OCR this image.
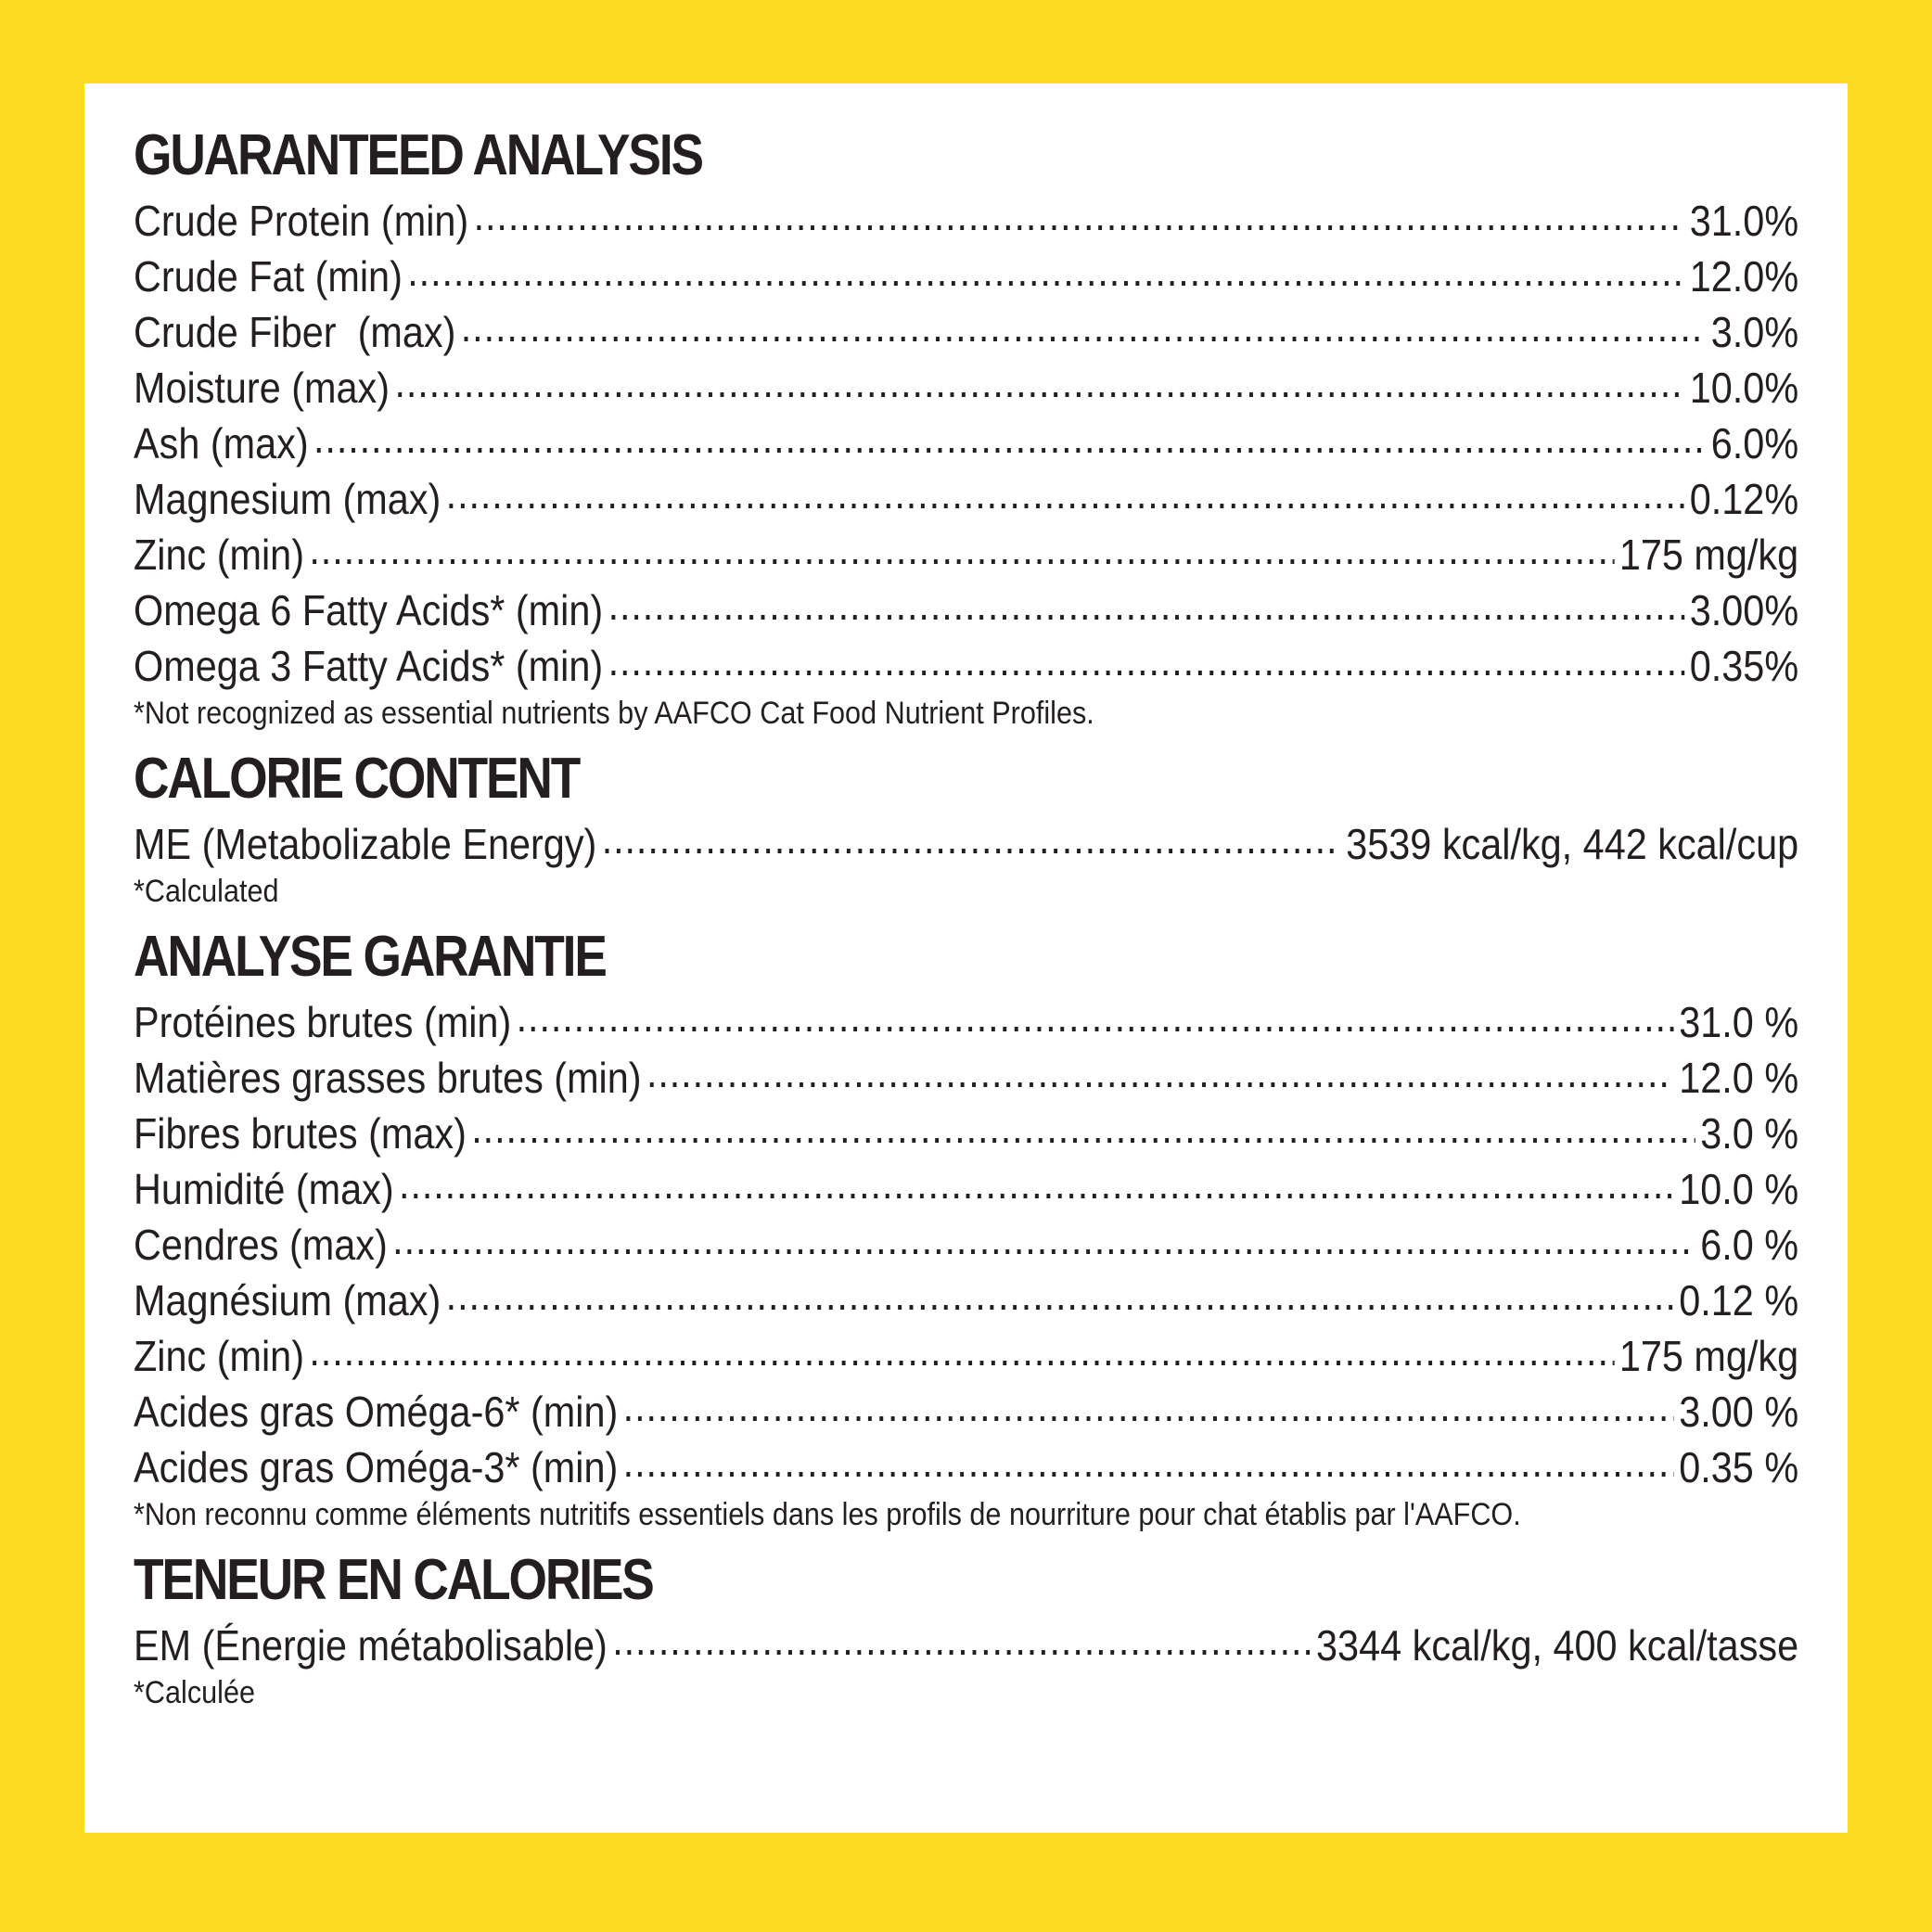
GUARANTEED ANALYSIS
Crude Protein (min) .....	31.0%
Crude Fat (min) .....	12.0%
Crude Fiber  (max) .....	3.0%
Moisture (max) .....	10.0%
Ash (max) .....	6.0%
Magnesium (max) .....	0.12%
Zinc (min) .....	175 mg/kg
Omega 6 Fatty Acids* (min) .....	3.00%
Omega 3 Fatty Acids* (min) .....	0.35%
*Not recognized as essential nutrients by AAFCO Cat Food Nutrient Profiles.
CALORIE CONTENT
ME (Metabolizable Energy) .....	3539 kcal/kg, 442 kcal/cup
*Calculated
ANALYSE GARANTIE
Protéines brutes (min) .....	31.0 %
Matières grasses brutes (min) .....	12.0 %
Fibres brutes (max) .....	3.0 %
Humidité (max) .....	10.0 %
Cendres (max) .....	6.0 %
Magnésium (max) .....	0.12 %
Zinc (min) .....	175 mg/kg
Acides gras Oméga-6* (min) .....	3.00 %
Acides gras Oméga-3* (min) .....	0.35 %
*Non reconnu comme éléments nutritifs essentiels dans les profils de nourriture pour chat établis par l'AAFCO.
TENEUR EN CALORIES
EM (Énergie métabolisable) .....	3344 kcal/kg, 400 kcal/tasse
*Calculée
